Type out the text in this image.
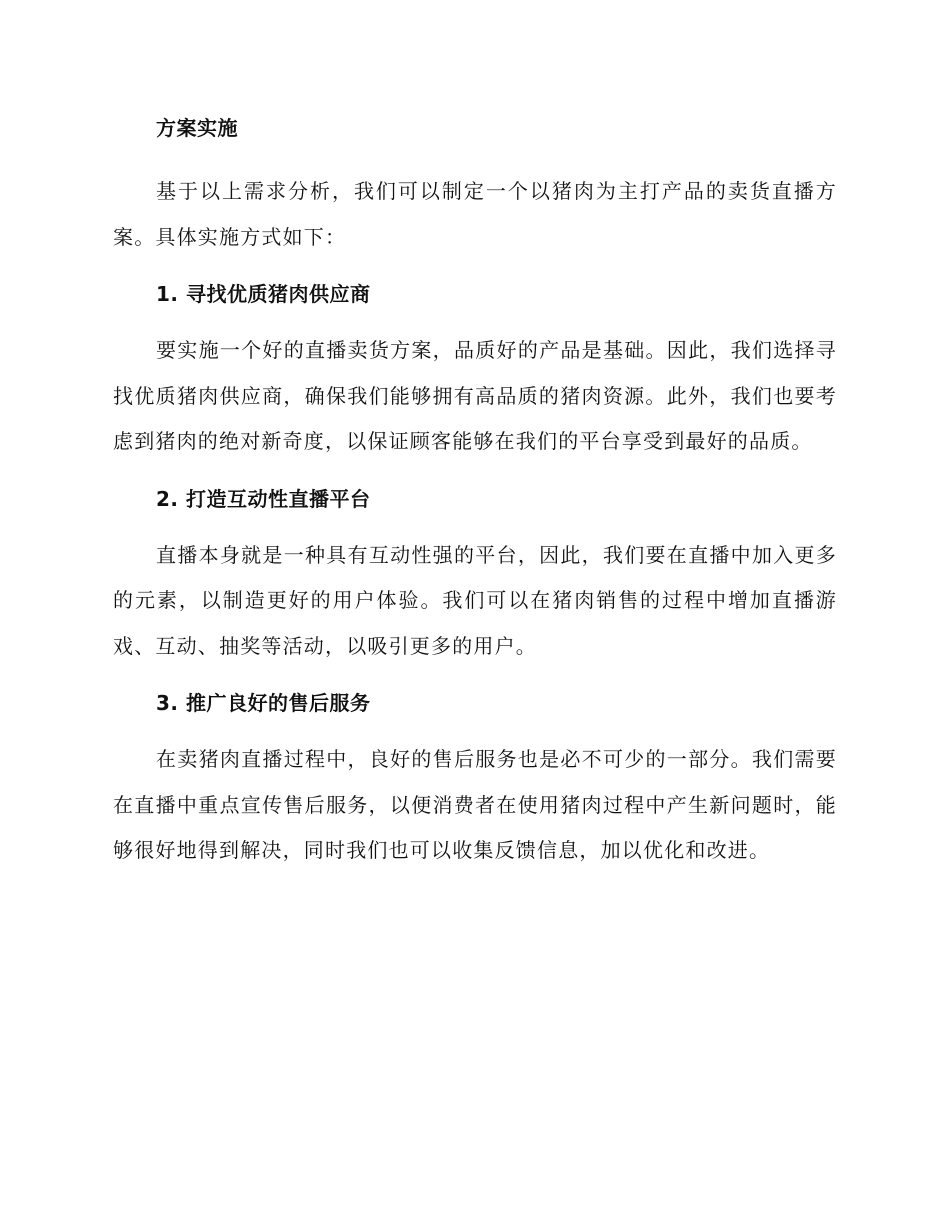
方案实施

基于以上需求分析，我们可以制定一个以猪肉为主打产品的卖货直播方案。具体实施方式如下：

1. 寻找优质猪肉供应商

要实施一个好的直播卖货方案，品质好的产品是基础。因此，我们选择寻找优质猪肉供应商，确保我们能够拥有高品质的猪肉资源。此外，我们也要考虑到猪肉的绝对新奇度，以保证顾客能够在我们的平台享受到最好的品质。

2. 打造互动性直播平台

直播本身就是一种具有互动性强的平台，因此，我们要在直播中加入更多的元素，以制造更好的用户体验。我们可以在猪肉销售的过程中增加直播游戏、互动、抽奖等活动，以吸引更多的用户。

3. 推广良好的售后服务

在卖猪肉直播过程中，良好的售后服务也是必不可少的一部分。我们需要在直播中重点宣传售后服务，以便消费者在使用猪肉过程中产生新问题时，能够很好地得到解决，同时我们也可以收集反馈信息，加以优化和改进。
